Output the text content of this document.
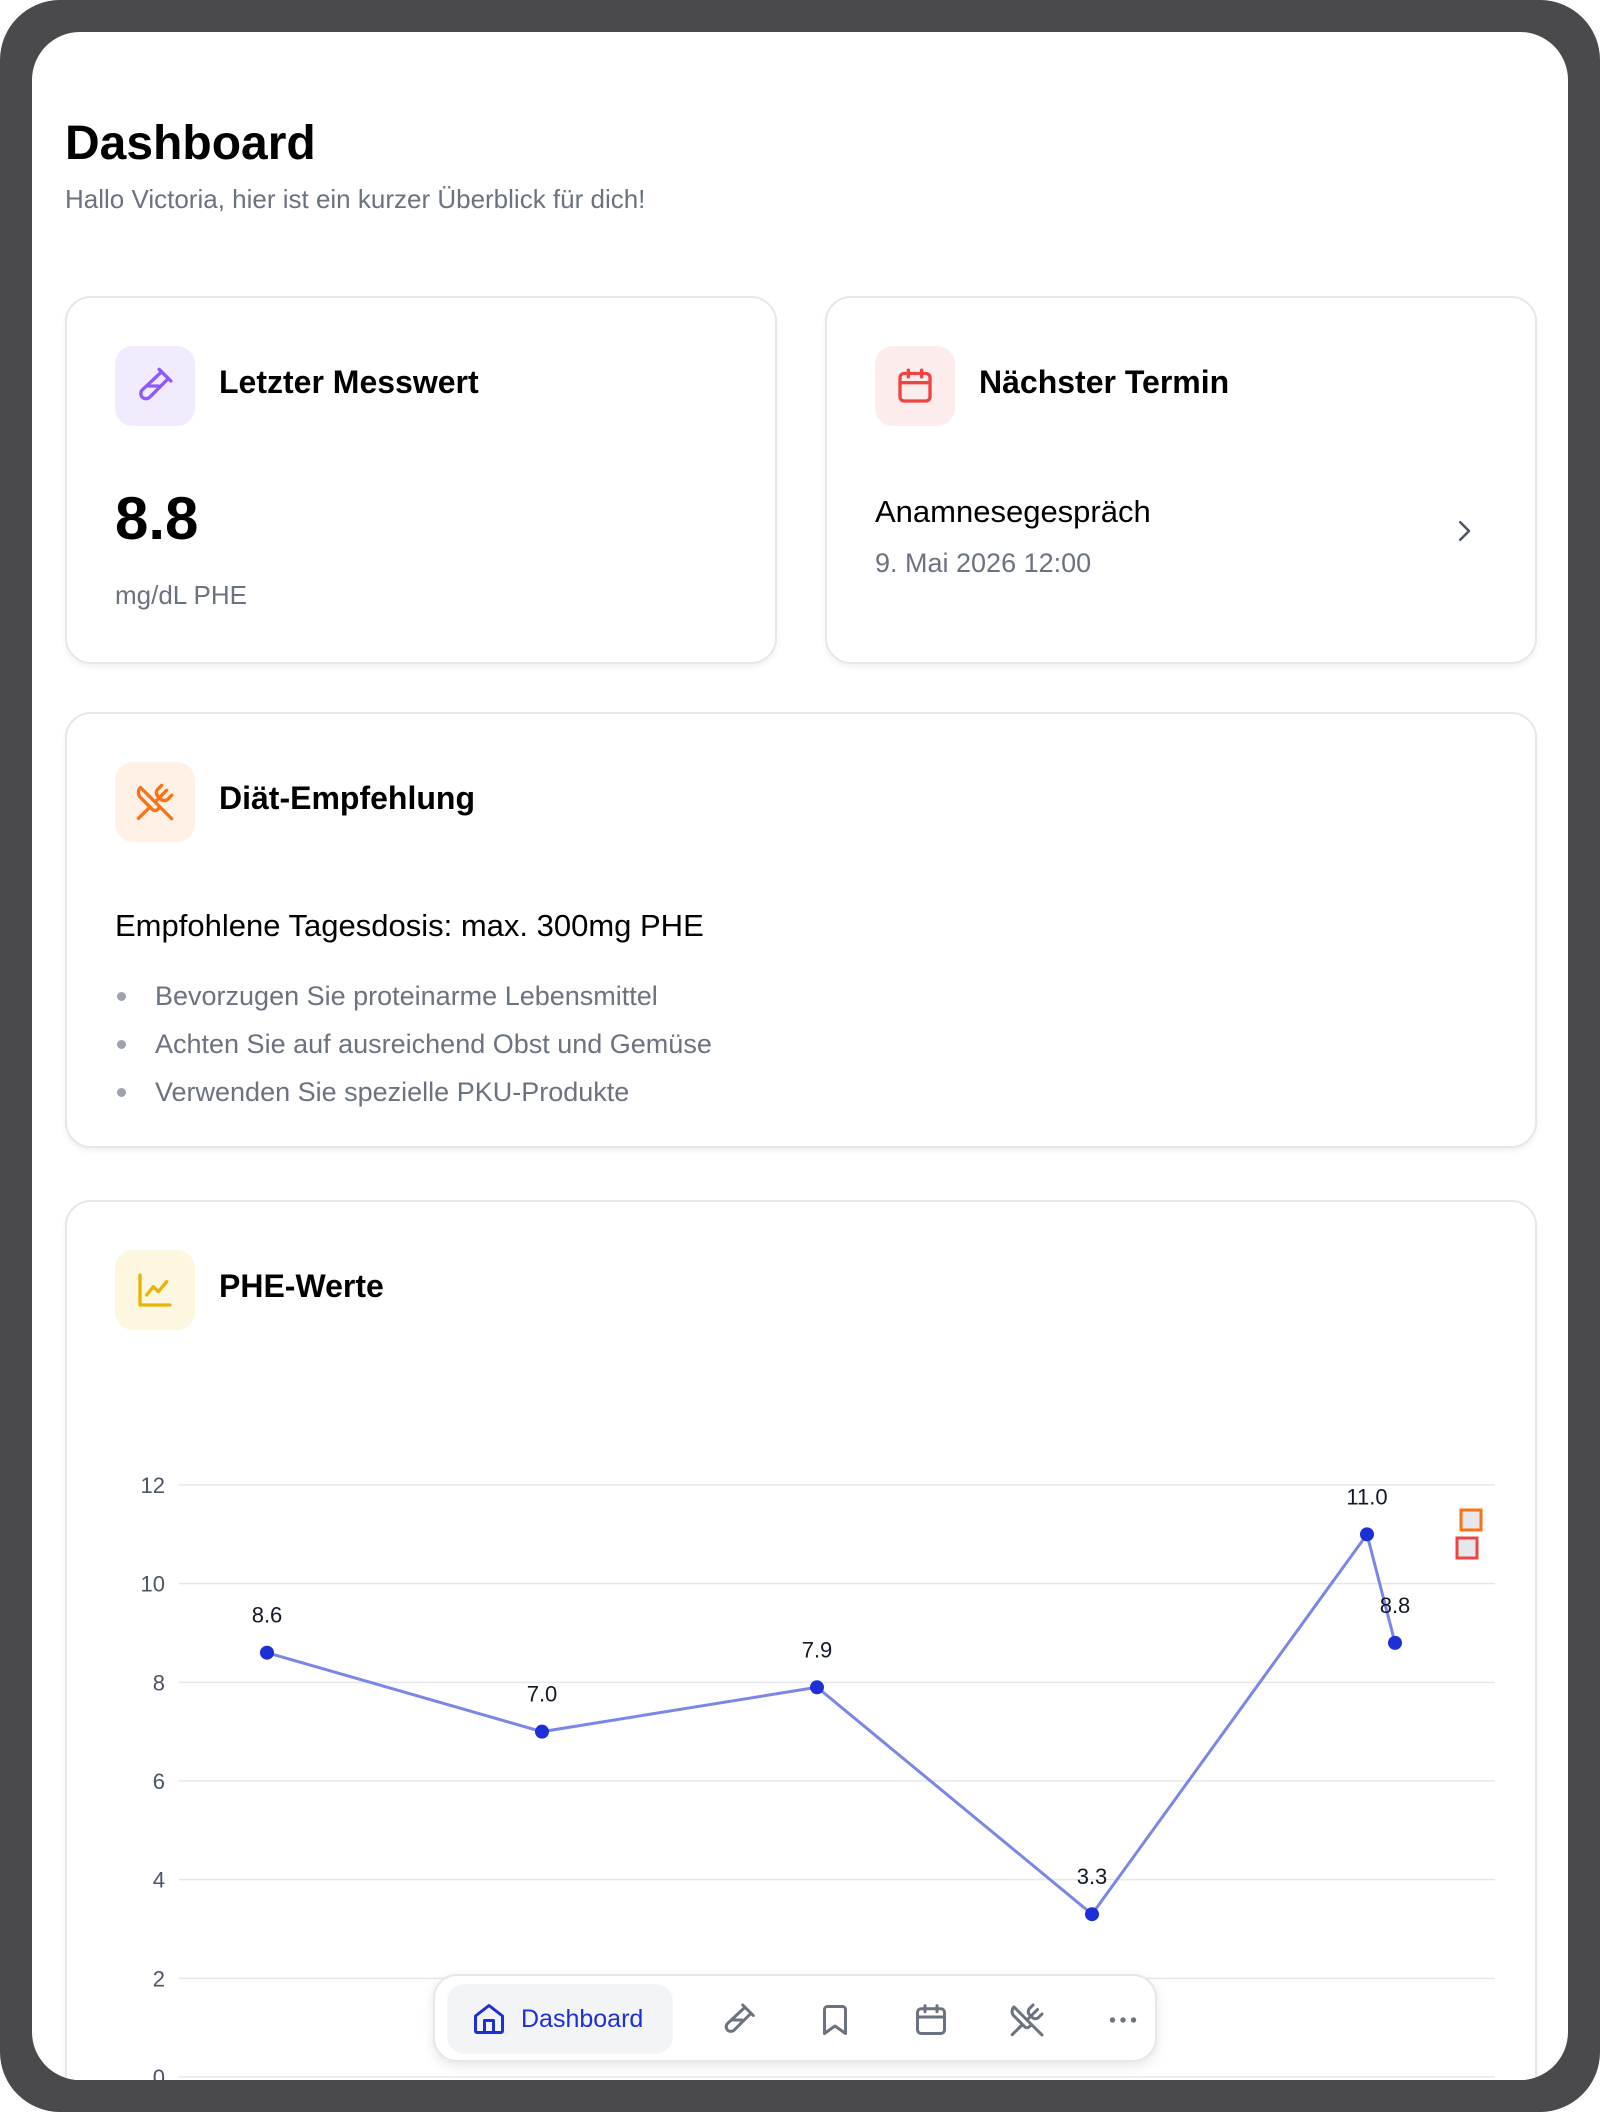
Dashboard

Hallo Victoria, hier ist ein kurzer Überblick für dich!

Letzter Messwert
8.8
mg/dL PHE
Nächster Termin
Anamnesegespräch
9. Mai 2026 12:00
Diät-Empfehlung
Empfohlene Tagesdosis: max. 300mg PHE
Bevorzugen Sie proteinarme Lebensmittel
Achten Sie auf ausreichend Obst und Gemüse
Verwenden Sie spezielle PKU-Produkte
PHE-Werte
0
2
4
6
8
10
12
8.6
7.0
7.9
3.3
11.0
8.8
Dashboard
